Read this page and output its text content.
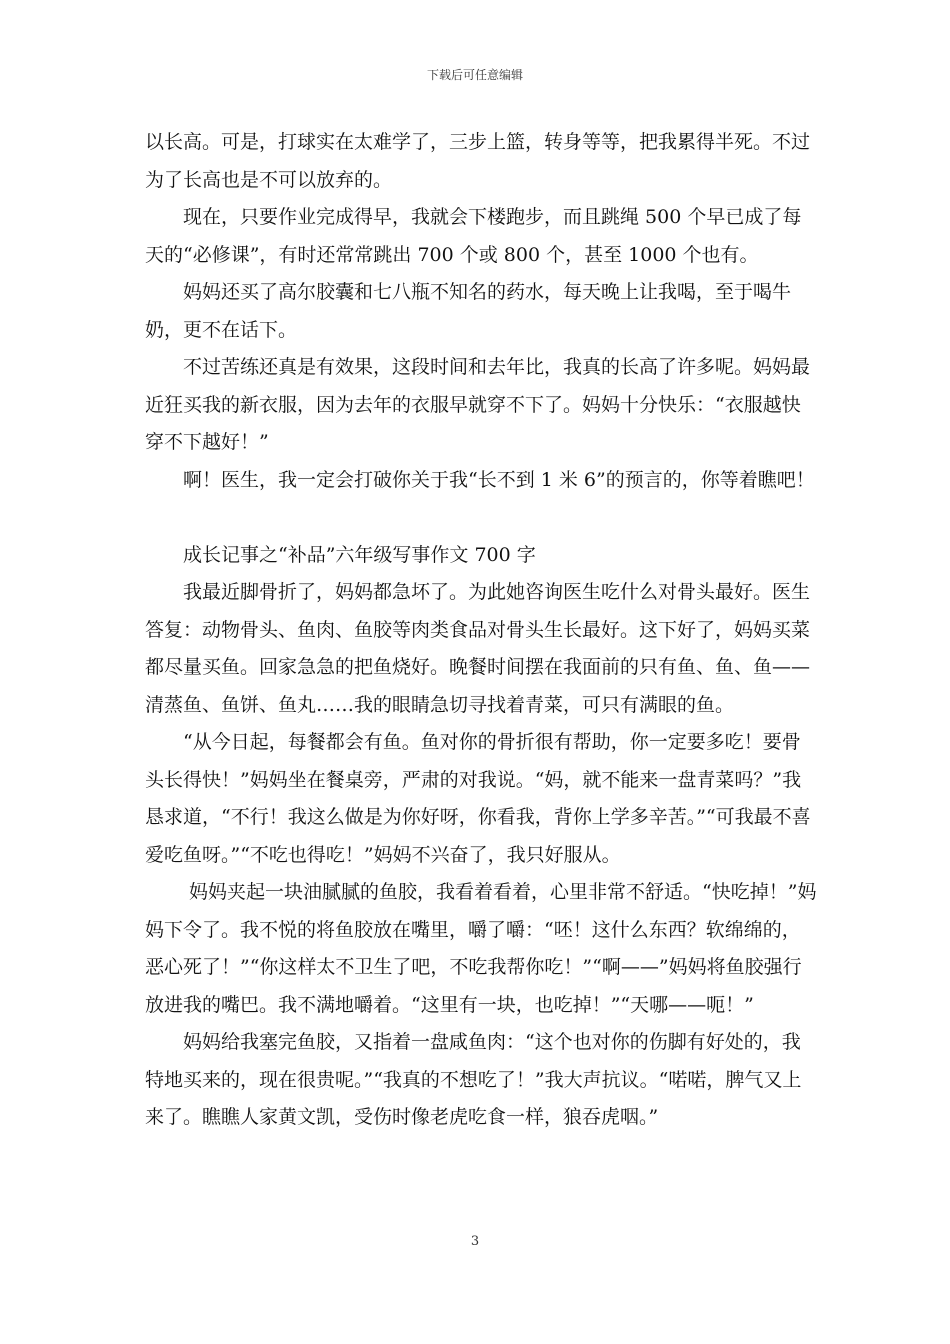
下载后可任意编辑

以长高。可是，打球实在太难学了，三步上篮，转身等等，把我累得半死。不过为了长高也是不可以放弃的。

　　现在，只要作业完成得早，我就会下楼跑步，而且跳绳 500 个早已成了每天的“必修课”，有时还常常跳出 700 个或 800 个，甚至 1000 个也有。

　　妈妈还买了高尔胶囊和七八瓶不知名的药水，每天晚上让我喝，至于喝牛奶，更不在话下。

　　不过苦练还真是有效果，这段时间和去年比，我真的长高了许多呢。妈妈最近狂买我的新衣服，因为去年的衣服早就穿不下了。妈妈十分快乐：“衣服越快穿不下越好！”

　　啊！医生，我一定会打破你关于我“长不到 1 米 6”的预言的，你等着瞧吧！

　　成长记事之“补品”六年级写事作文 700 字

　　我最近脚骨折了，妈妈都急坏了。为此她咨询医生吃什么对骨头最好。医生答复：动物骨头、鱼肉、鱼胶等肉类食品对骨头生长最好。这下好了，妈妈买菜都尽量买鱼。回家急急的把鱼烧好。晚餐时间摆在我面前的只有鱼、鱼、鱼——清蒸鱼、鱼饼、鱼丸……我的眼睛急切寻找着青菜，可只有满眼的鱼。

　　“从今日起，每餐都会有鱼。鱼对你的骨折很有帮助，你一定要多吃！要骨头长得快！”妈妈坐在餐桌旁，严肃的对我说。“妈，就不能来一盘青菜吗？”我恳求道，“不行！我这么做是为你好呀，你看我，背你上学多辛苦。”“可我最不喜爱吃鱼呀。”“不吃也得吃！”妈妈不兴奋了，我只好服从。

　　 妈妈夹起一块油腻腻的鱼胶，我看着看着，心里非常不舒适。“快吃掉！”妈妈下令了。我不悦的将鱼胶放在嘴里，嚼了嚼：“呸！这什么东西？软绵绵的，恶心死了！”“你这样太不卫生了吧，不吃我帮你吃！”“啊——”妈妈将鱼胶强行放进我的嘴巴。我不满地嚼着。“这里有一块，也吃掉！”“天哪——呃！”

　　妈妈给我塞完鱼胶，又指着一盘咸鱼肉：“这个也对你的伤脚有好处的，我特地买来的，现在很贵呢。”“我真的不想吃了！”我大声抗议。“喏喏，脾气又上来了。瞧瞧人家黄文凯，受伤时像老虎吃食一样，狼吞虎咽。”

3
